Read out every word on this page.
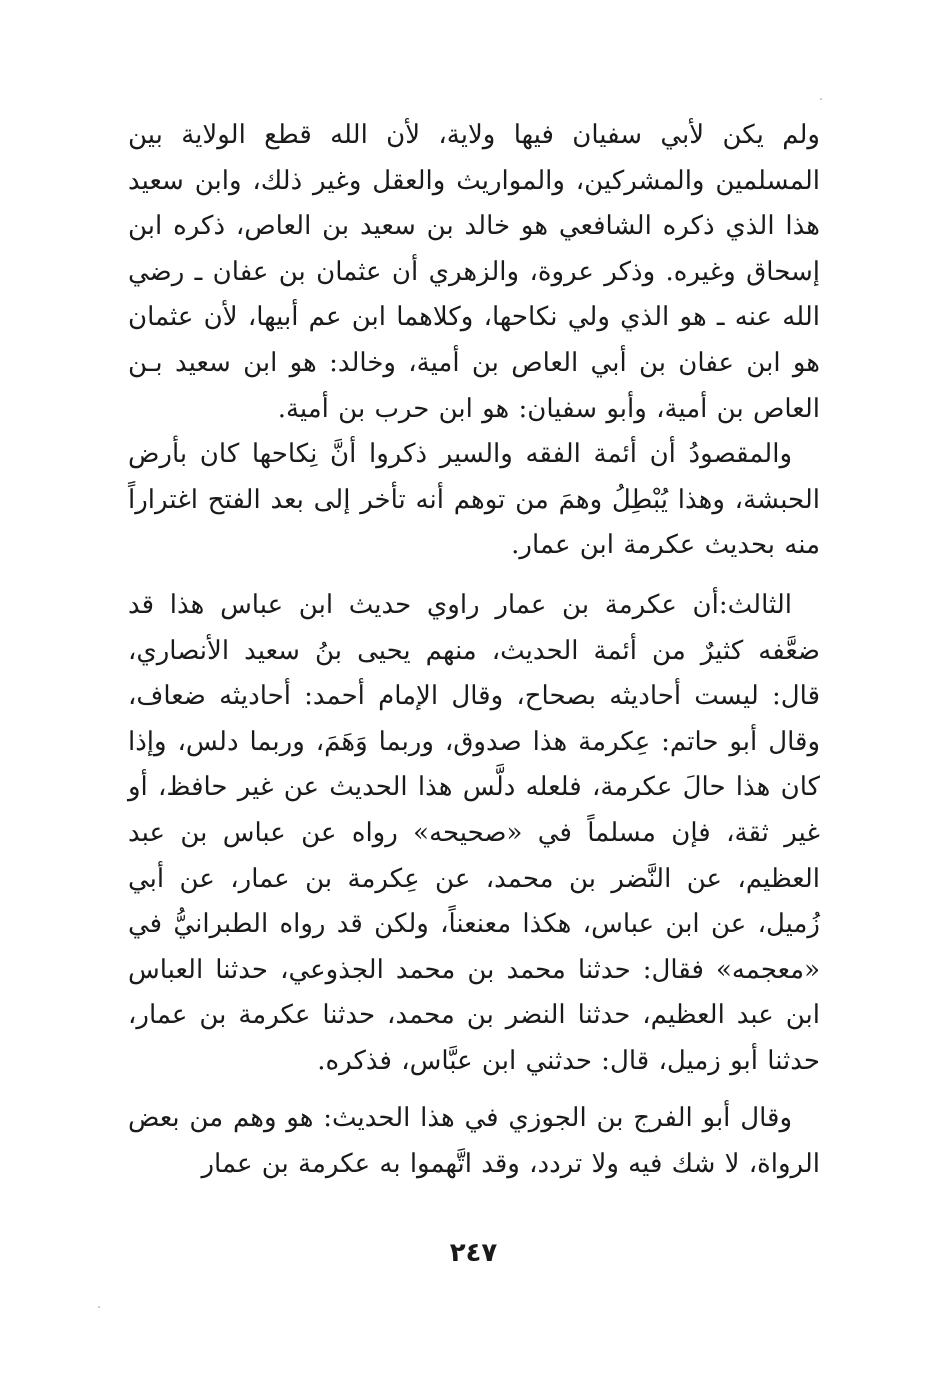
ولم يكن لأبي سفيان فيها ولاية، لأن الله قطع الولاية بين المسلمين والمشركين، والمواريث والعقل وغير ذلك، وابن سعيد هذا الذي ذكره الشافعي هو خالد بن سعيد بن العاص، ذكره ابن إسحاق وغيره. وذكر عروة، والزهري أن عثمان بن عفان ـ رضي الله عنه ـ هو الذي ولي نكاحها، وكلاهما ابن عم أبيها، لأن عثمان هو ابن عفان بن أبي العاص بن أمية، وخالد: هو ابن سعيد بـن العاص بن أمية، وأبو سفيان: هو ابن حرب بن أمية.

والمقصودُ أن أئمة الفقه والسير ذكروا أنَّ نِكاحها كان بأرض الحبشة، وهذا يُبْطِلُ وهمَ من توهم أنه تأخر إلى بعد الفتح اغتراراً منه بحديث عكرمة ابن عمار.

الثالث:أن عكرمة بن عمار راوي حديث ابن عباس هذا قد ضعَّفه كثيرٌ من أئمة الحديث، منهم يحيى بنُ سعيد الأنصاري، قال: ليست أحاديثه بصحاح، وقال الإمام أحمد: أحاديثه ضعاف، وقال أبو حاتم: عِكرمة هذا صدوق، وربما وَهَمَ، وربما دلس، وإذا كان هذا حالَ عكرمة، فلعله دلَّس هذا الحديث عن غير حافظ، أو غير ثقة، فإن مسلماً في «صحيحه» رواه عن عباس بن عبد العظيم، عن النَّضر بن محمد، عن عِكرمة بن عمار، عن أبي زُميل، عن ابن عباس، هكذا معنعناً، ولكن قد رواه الطبرانيُّ في «معجمه» فقال: حدثنا محمد بن محمد الجذوعي، حدثنا العباس ابن عبد العظيم، حدثنا النضر بن محمد، حدثنا عكرمة بن عمار، حدثنا أبو زميل، قال: حدثني ابن عبَّاس، فذكره.

وقال أبو الفرج بن الجوزي في هذا الحديث: هو وهم من بعض الرواة، لا شك فيه ولا تردد، وقد اتَّهموا به عكرمة بن عمار

٢٤٧
